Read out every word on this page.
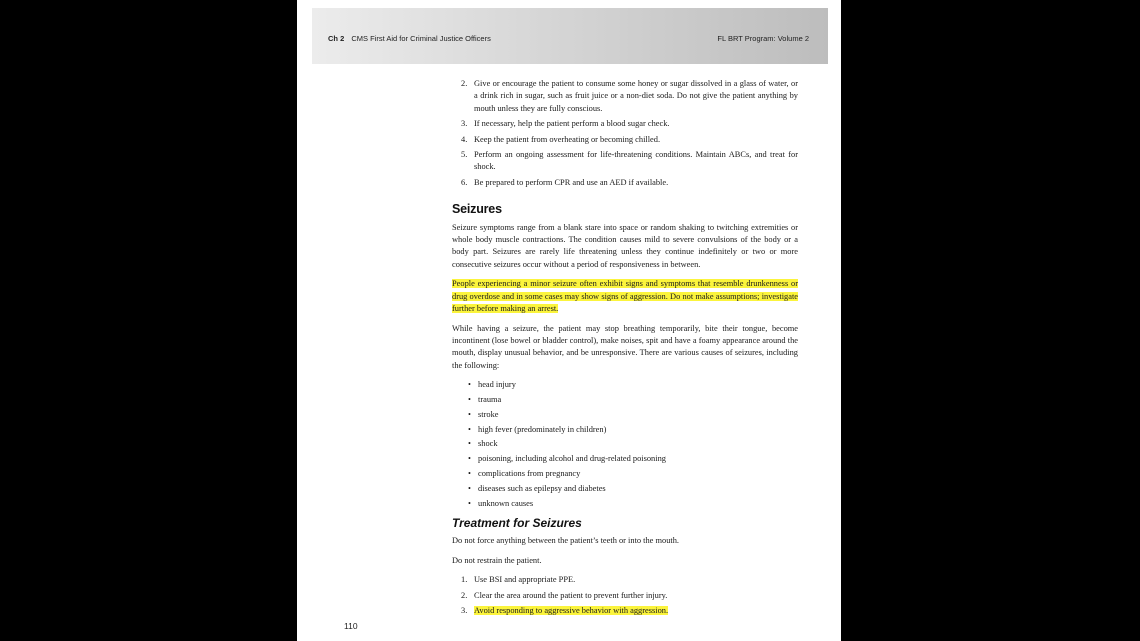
Ch 2 CMS First Aid for Criminal Justice Officers	FL BRT Program: Volume 2
2. Give or encourage the patient to consume some honey or sugar dissolved in a glass of water, or a drink rich in sugar, such as fruit juice or a non-diet soda. Do not give the patient anything by mouth unless they are fully conscious.
3. If necessary, help the patient perform a blood sugar check.
4. Keep the patient from overheating or becoming chilled.
5. Perform an ongoing assessment for life-threatening conditions. Maintain ABCs, and treat for shock.
6. Be prepared to perform CPR and use an AED if available.
Seizures

Seizure symptoms range from a blank stare into space or random shaking to twitching extremities or whole body muscle contractions. The condition causes mild to severe convulsions of the body or a body part. Seizures are rarely life threatening unless they continue indefinitely or two or more consecutive seizures occur without a period of responsiveness in between.

People experiencing a minor seizure often exhibit signs and symptoms that resemble drunkenness or drug overdose and in some cases may show signs of aggression. Do not make assumptions; investigate further before making an arrest.

While having a seizure, the patient may stop breathing temporarily, bite their tongue, become incontinent (lose bowel or bladder control), make noises, spit and have a foamy appearance around the mouth, display unusual behavior, and be unresponsive. There are various causes of seizures, including the following:

• head injury
• trauma
• stroke
• high fever (predominately in children)
• shock
• poisoning, including alcohol and drug-related poisoning
• complications from pregnancy
• diseases such as epilepsy and diabetes
• unknown causes
Treatment for Seizures

Do not force anything between the patient’s teeth or into the mouth.

Do not restrain the patient.

1. Use BSI and appropriate PPE.
2. Clear the area around the patient to prevent further injury.
3. Avoid responding to aggressive behavior with aggression.
110
